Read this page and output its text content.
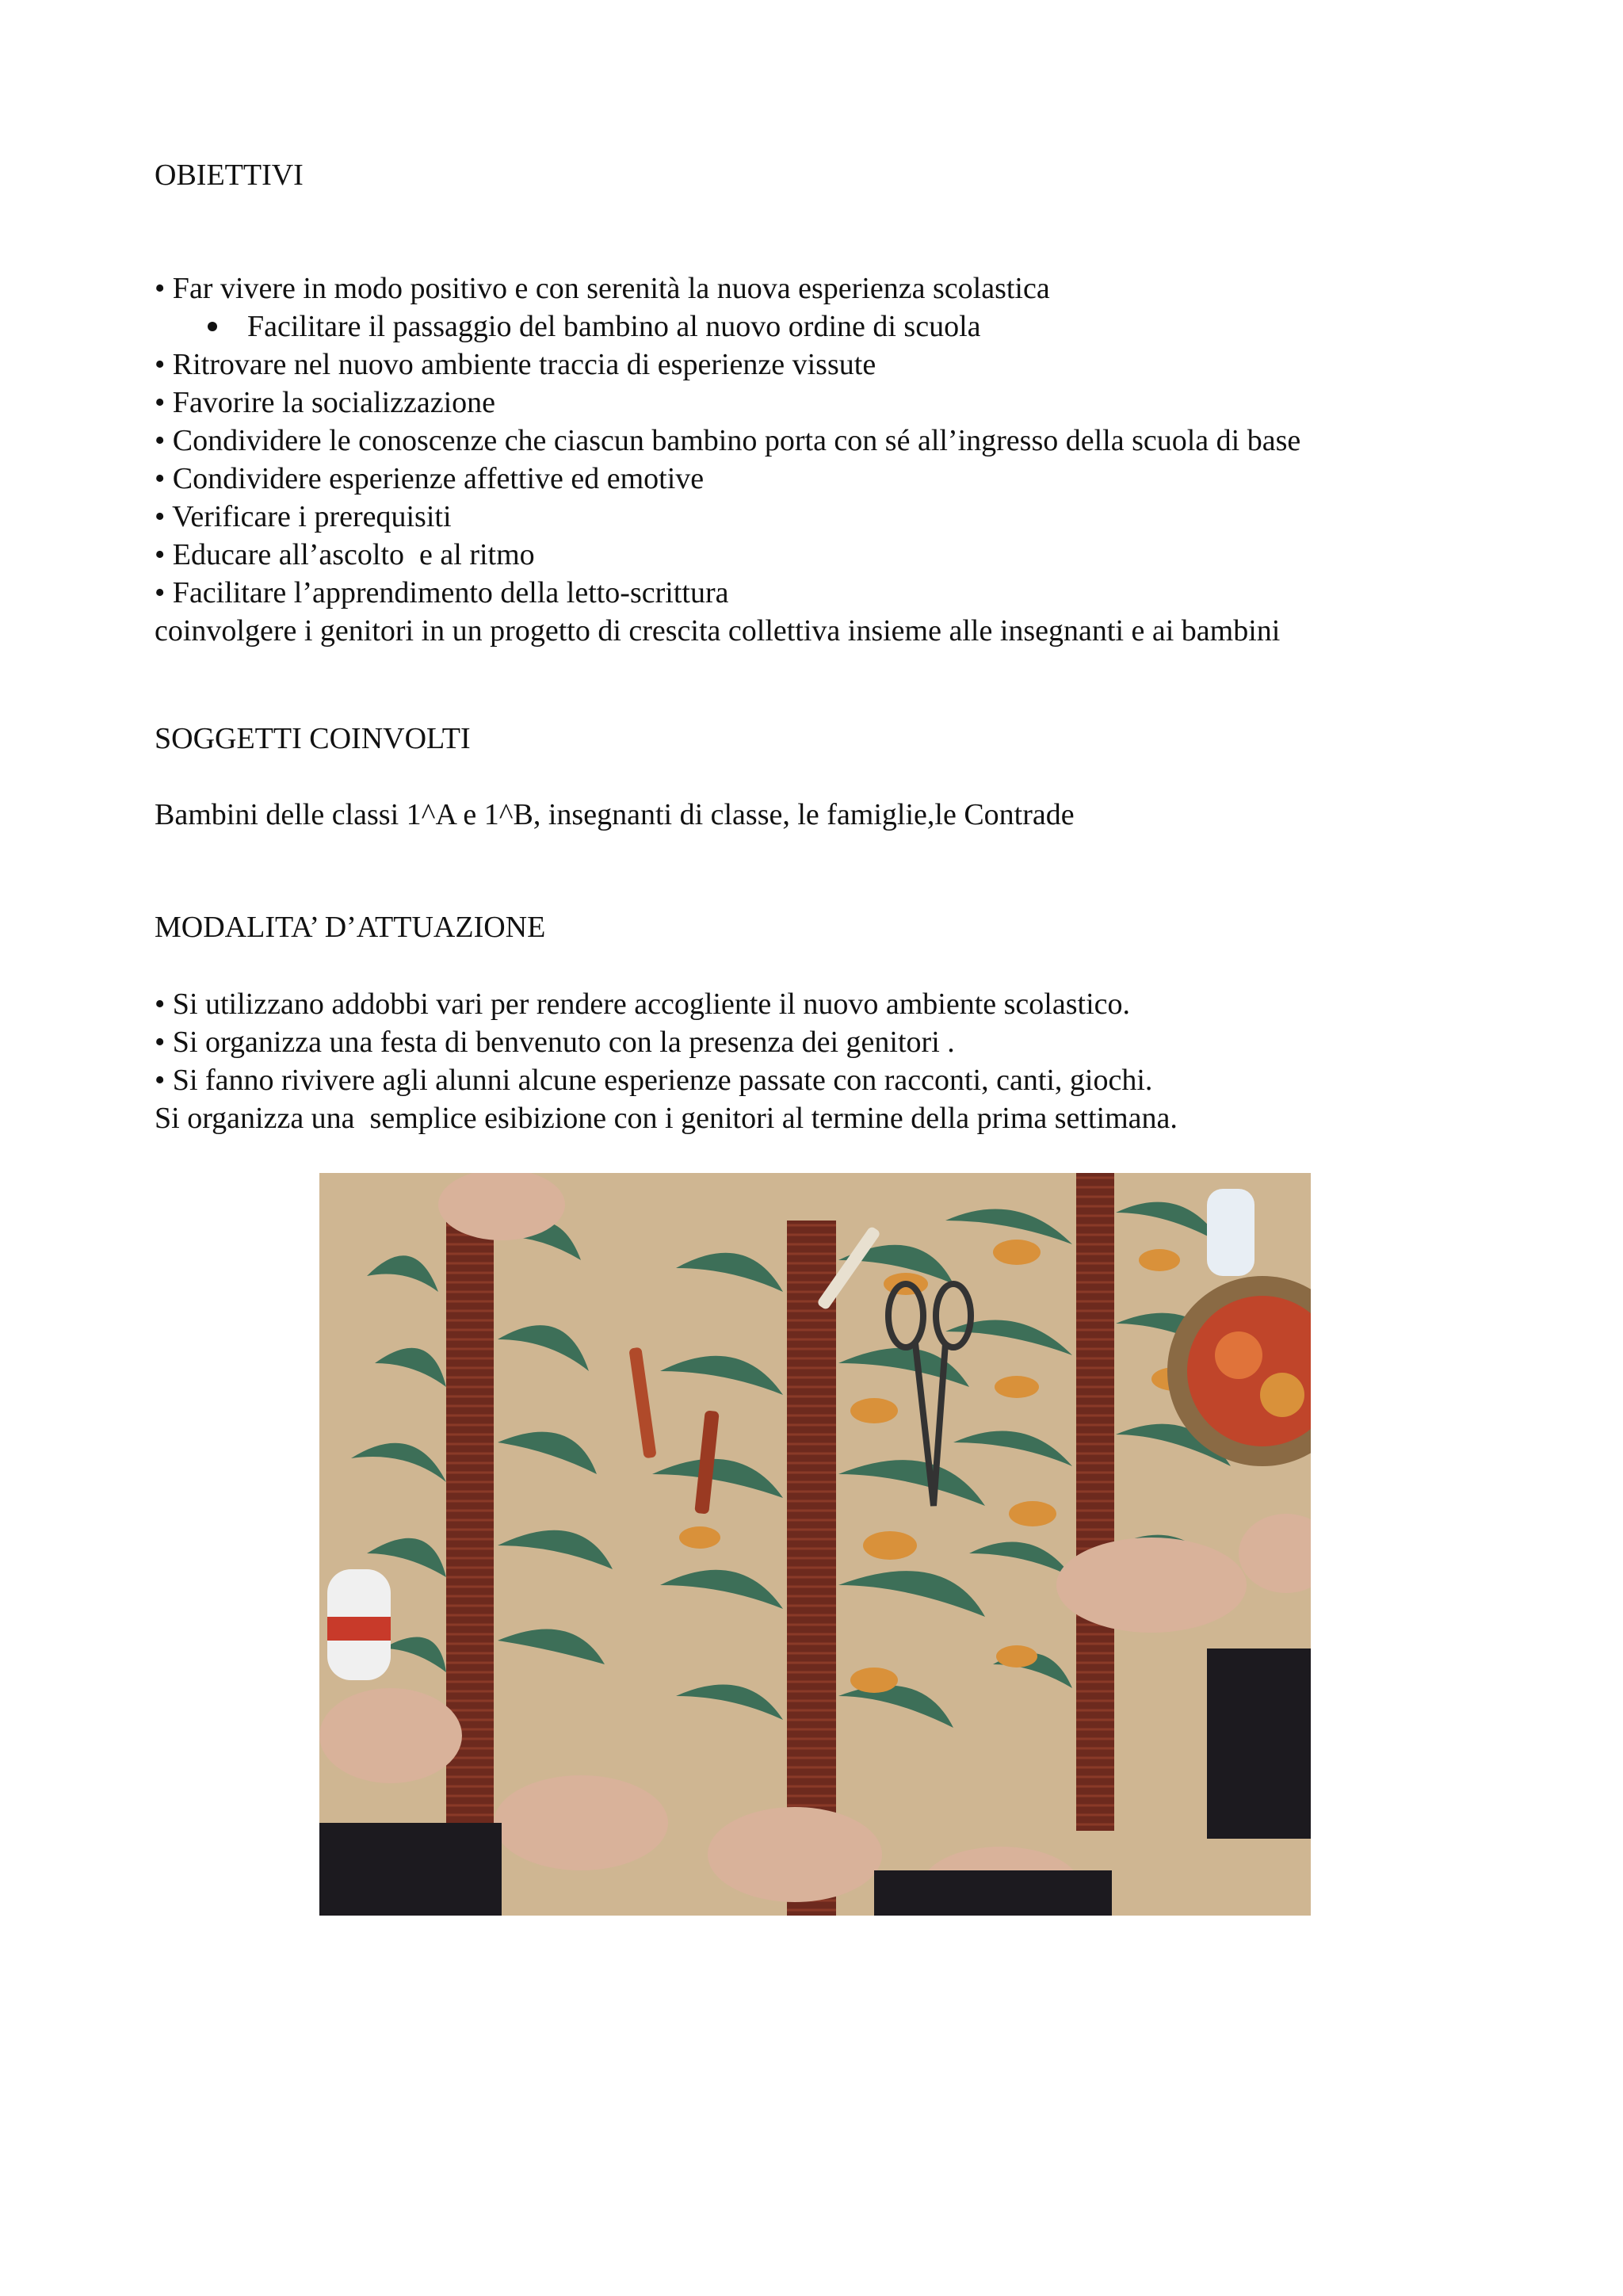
OBIETTIVI

• Far vivere in modo positivo e con serenità la nuova esperienza scolastica

Facilitare il passaggio del bambino al nuovo ordine di scuola

• Ritrovare nel nuovo ambiente traccia di esperienze vissute

• Favorire la socializzazione

• Condividere le conoscenze che ciascun bambino porta con sé all’ingresso della scuola di base

• Condividere esperienze affettive ed emotive

• Verificare i prerequisiti

• Educare all’ascolto  e al ritmo

• Facilitare l’apprendimento della letto-scrittura

coinvolgere i genitori in un progetto di crescita collettiva insieme alle insegnanti e ai bambini

SOGGETTI COINVOLTI

Bambini delle classi 1^A e 1^B, insegnanti di classe, le famiglie,le Contrade

MODALITA’ D’ATTUAZIONE

• Si utilizzano addobbi vari per rendere accogliente il nuovo ambiente scolastico.

• Si organizza una festa di benvenuto con la presenza dei genitori .

• Si fanno rivivere agli alunni alcune esperienze passate con racconti, canti, giochi.

Si organizza una  semplice esibizione con i genitori al termine della prima settimana.
